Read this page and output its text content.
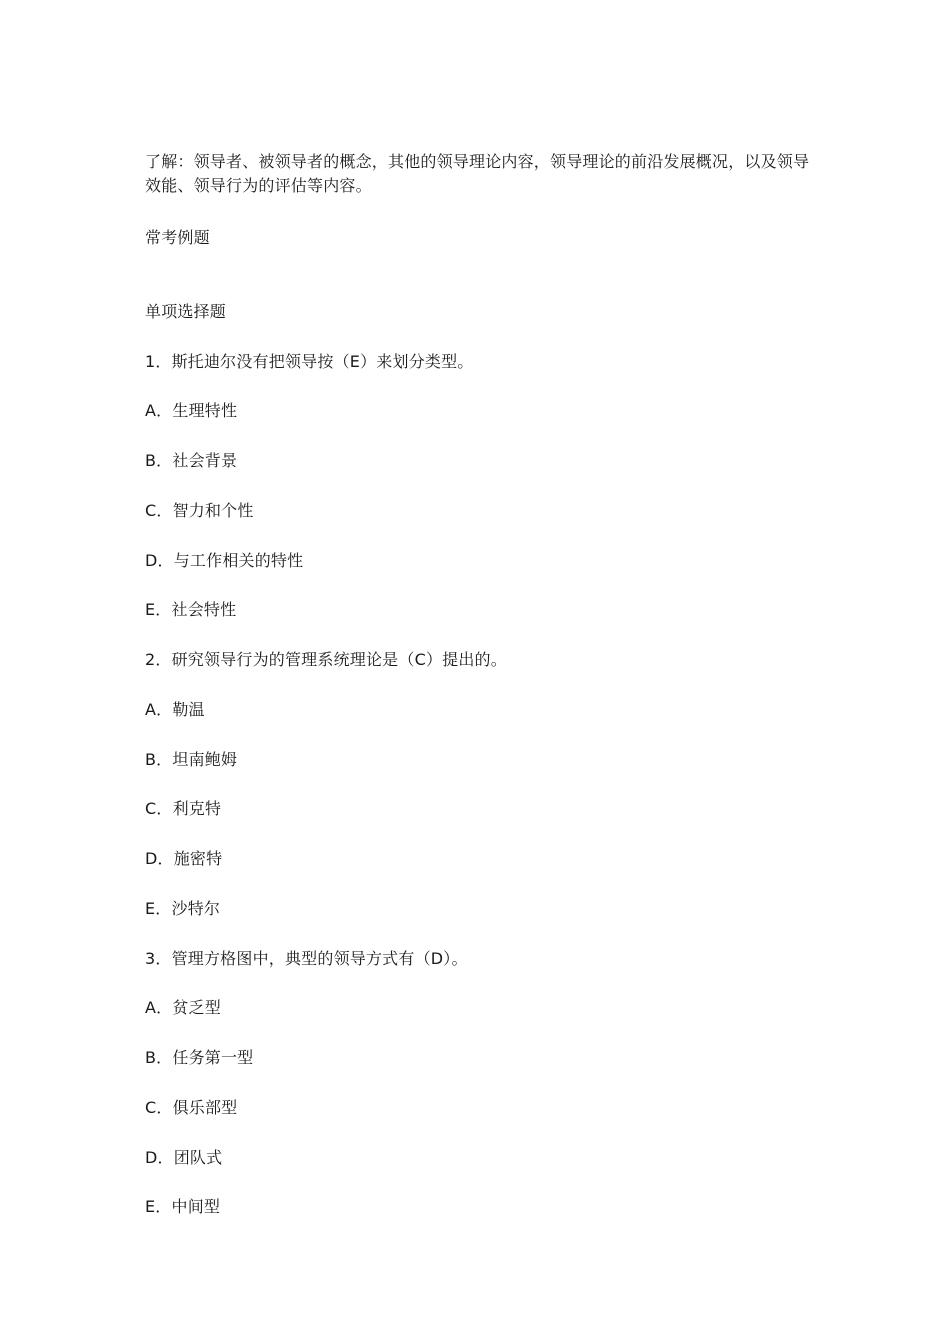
了解：领导者、被领导者的概念，其他的领导理论内容，领导理论的前沿发展概况，以及领导效能、领导行为的评估等内容。

常考例题

单项选择题

1．斯托迪尔没有把领导按（E）来划分类型。

A．生理特性

B．社会背景

C．智力和个性

D．与工作相关的特性

E．社会特性

2．研究领导行为的管理系统理论是（C）提出的。

A．勒温

B．坦南鲍姆

C．利克特

D．施密特

E．沙特尔

3．管理方格图中，典型的领导方式有（D）。

A．贫乏型

B．任务第一型

C．俱乐部型

D．团队式

E．中间型
